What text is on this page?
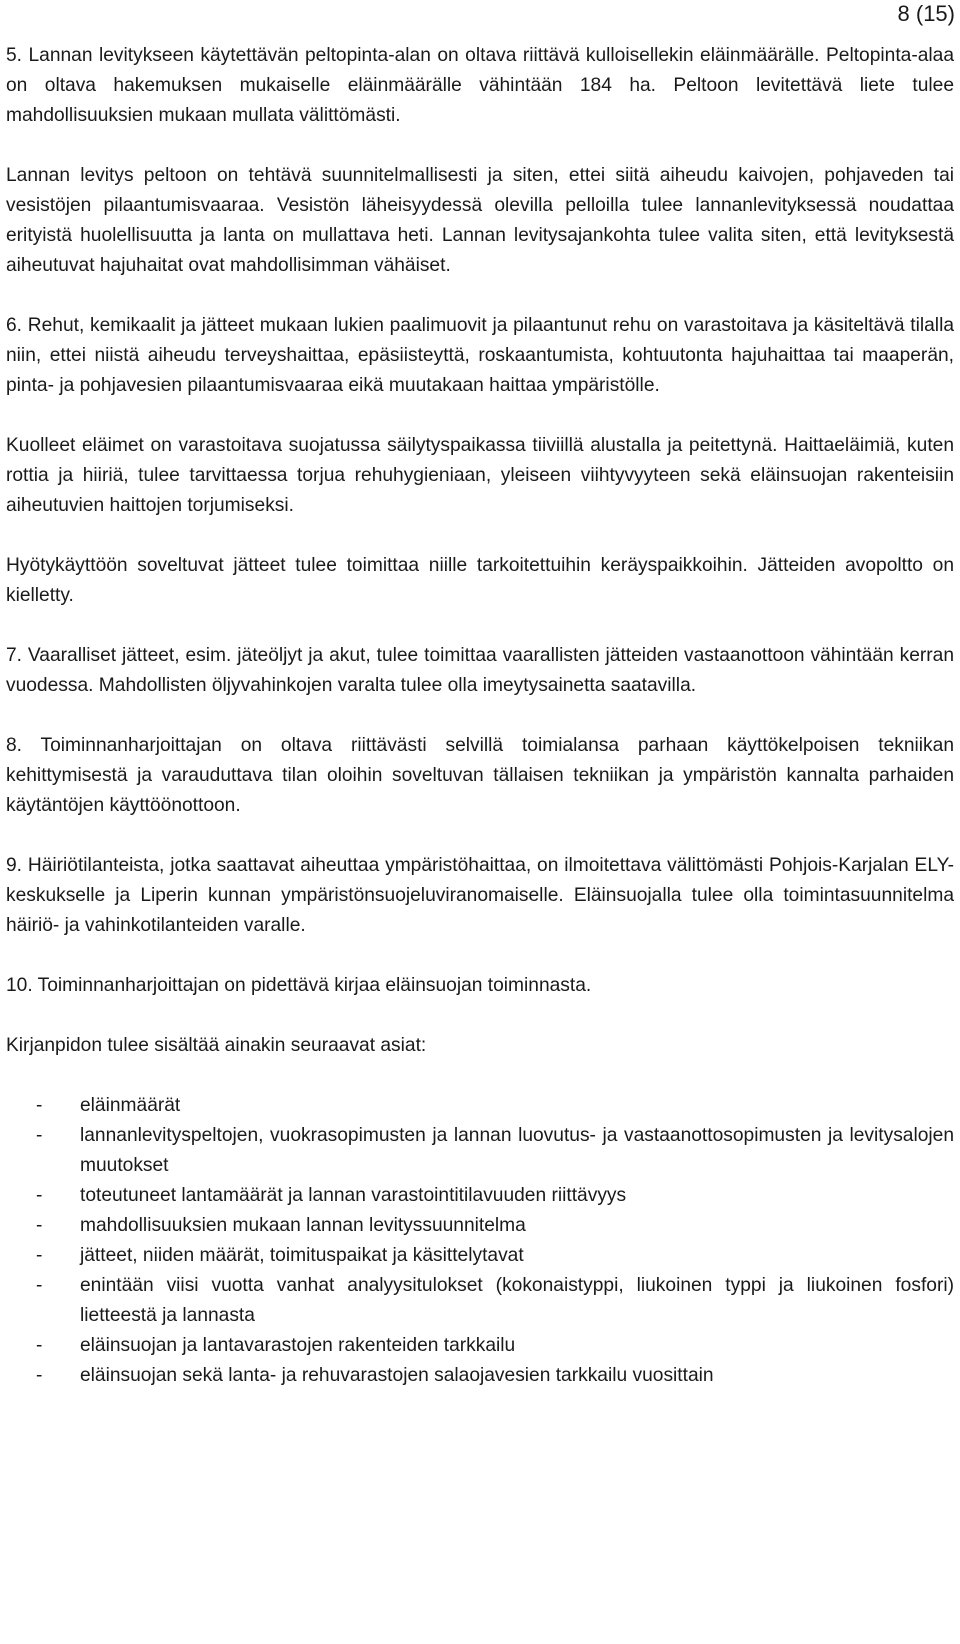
8 (15)

5. Lannan levitykseen käytettävän peltopinta-alan on oltava riittävä kulloisellekin eläinmäärälle. Peltopinta-alaa on oltava hakemuksen mukaiselle eläinmäärälle vähintään 184 ha. Peltoon levitettävä liete tulee mahdollisuuksien mukaan mullata välittömästi.

Lannan levitys peltoon on tehtävä suunnitelmallisesti ja siten, ettei siitä aiheudu kaivojen, pohjaveden tai vesistöjen pilaantumisvaaraa. Vesistön läheisyydessä olevilla pelloilla tulee lannanlevityksessä noudattaa erityistä huolellisuutta ja lanta on mullattava heti. Lannan levitysajankohta tulee valita siten, että levityksestä aiheutuvat hajuhaitat ovat mahdollisimman vähäiset.

6. Rehut, kemikaalit ja jätteet mukaan lukien paalimuovit ja pilaantunut rehu on varastoitava ja käsiteltävä tilalla niin, ettei niistä aiheudu terveyshaittaa, epäsiisteyttä, roskaantumista, kohtuutonta hajuhaittaa tai maaperän, pinta- ja pohjavesien pilaantumisvaaraa eikä muutakaan haittaa ympäristölle.

Kuolleet eläimet on varastoitava suojatussa säilytyspaikassa tiiviillä alustalla ja peitettynä. Haittaeläimiä, kuten rottia ja hiiriä, tulee tarvittaessa torjua rehuhygieniaan, yleiseen viihtyvyyteen sekä eläinsuojan rakenteisiin aiheutuvien haittojen torjumiseksi.

Hyötykäyttöön soveltuvat jätteet tulee toimittaa niille tarkoitettuihin keräyspaikkoihin. Jätteiden avopoltto on kielletty.

7. Vaaralliset jätteet, esim. jäteöljyt ja akut, tulee toimittaa vaarallisten jätteiden vastaanottoon vähintään kerran vuodessa. Mahdollisten öljyvahinkojen varalta tulee olla imeytysainetta saatavilla.

8. Toiminnanharjoittajan on oltava riittävästi selvillä toimialansa parhaan käyttökelpoisen tekniikan kehittymisestä ja varauduttava tilan oloihin soveltuvan tällaisen tekniikan ja ympäristön kannalta parhaiden käytäntöjen käyttöönottoon.

9. Häiriötilanteista, jotka saattavat aiheuttaa ympäristöhaittaa, on ilmoitettava välittömästi Pohjois-Karjalan ELY-keskukselle ja Liperin kunnan ympäristönsuojeluviranomaiselle. Eläinsuojalla tulee olla toimintasuunnitelma häiriö- ja vahinkotilanteiden varalle.

10. Toiminnanharjoittajan on pidettävä kirjaa eläinsuojan toiminnasta.

Kirjanpidon tulee sisältää ainakin seuraavat asiat:

- eläinmäärät
- lannanlevityspeltojen, vuokrasopimusten ja lannan luovutus- ja vastaanottosopimusten ja levitysalojen muutokset
- toteutuneet lantamäärät ja lannan varastointitilavuuden riittävyys
- mahdollisuuksien mukaan lannan levityssuunnitelma
- jätteet, niiden määrät, toimituspaikat ja käsittelytavat
- enintään viisi vuotta vanhat analyysitulokset (kokonaistyppi, liukoinen typpi ja liukoinen fosfori) lietteestä ja lannasta
- eläinsuojan ja lantavarastojen rakenteiden tarkkailu
- eläinsuojan sekä lanta- ja rehuvarastojen salaojavesien tarkkailu vuosittain
